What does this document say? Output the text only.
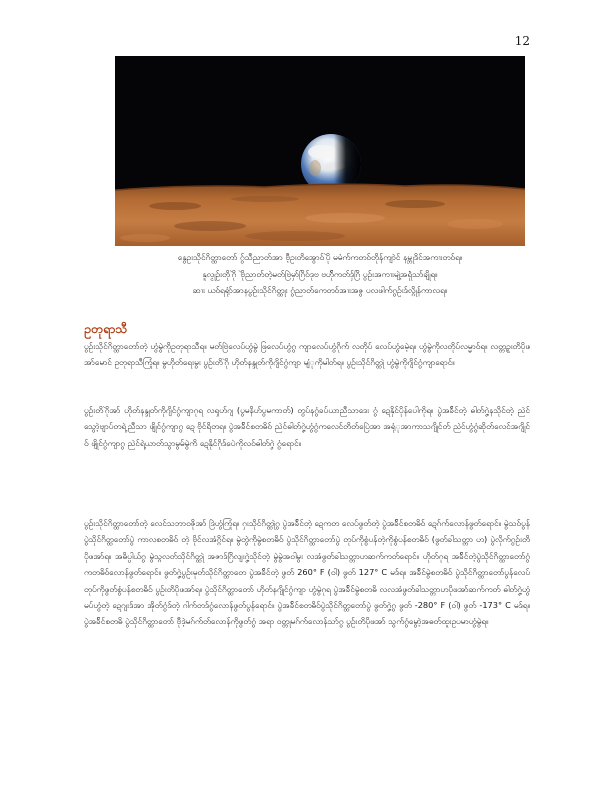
12

နွေဥးသိုင်ဂိတ္ထာတော် ဂွ်သီညာတ်အာ ဗီ့ဥးတိအွောဝ်ပိုဲ မမံက်ကတဝ်တိုန်ကျာဲင် နမ္ဘုဒိင်အကၢးတဝ်ရ။

နူလၟုဥ်းတိုဂိုဲ ဗိုဲညာတ်တဲ့မတ်ဗြဲမှာ်ဂြိဝ်ဒုဗ ဗဟ်ိုကတ်ဒ်ှဂြိ ပွဥ်းအကၢးမျဲ့အရုံဲသာ်ချိုရ။

ဆၢး ယဝ်ရရုံာ်အာနပွဥ်းသိုင်ဂိတ္ထုး ဂွံညာတ်ကေတဝ်အၢးအဇွ ပလဖါက်ဂွဥ်းဒ်လ္ဂိုန်ကာလရ။

ဥတုရာသီ

ပွဥ်းသိုင်ဂိတ္ထာတော်တဲ့ ဟွံမွဲကိုဥတုရာသီရ။ မတ်ဗြဲလေပ်ဟွံမွဲ ဖြလေပ်ဟွံဂွ ကျာလေပ်ဟွံဂိုက် လတိုပ် လေပ်ဟွံမေဲ့ရ။ ဟွံမွဲကိုလတိုပ်လမ္မာဝ်ရ။ လတ္တဥ္ဂးတိပိုဖအာ်မောင် ဥတုရာသီကြုံရ။ မွဟိုတ်ရေးမွး ပွဥ်းတိဂိုဲ ဟိုတ်နန္ဒုတ်ကိုဂျိင်ဂွံကျာ မျံုကိုမါတ်ရ။ ပွဥ်းသိုင်ဂိတ္ထုဲ ဟွံမွဲကိုဂျိင်ဂွံကျာရောင်။

ပွဥ်းတိဂိုဲအာ် ဟိုတ်နန္ဒုတ်ကိုဂျိင်ဂွံကျာဂုရ လၡဟ်ဂျ (ပွမနိဟ်ပွမကာတ်) တွပ်နဂွံခပ်ယာညီသာဒေး ဂွံ ဍေနိုင်ပိုန်ပေါကိုရ။ ပွဲအခ်ိင်တဲ့ ဓါတ်ဂၞဲ့နသိုင်တဲ့ ညဲင်သွောဲ့ဗျာပ်တရဲ့ညီသာ ဖျိုင်ဂွံကျာဂွ ဍေ ဗိုင်ရိတရ။ ပွဲအခ်ိင်စတဓိဝ် ညဲင်ဓါတ်ဂၞဲ့ဟွံဂွံကလေင်တိတ်ပြေဲအာ အရုံုအာကာသဂျိုင်တ် ညဲင်ဟွံဂွံဆိုတ်လေင်အဂျိုင်ဝ် ဖျိုင်ဂွံကျာဂွ ညဲင်ရဲ့ယာတ်သွာမွမ်မွဲကိ ဍေနိုင်ဂိုဒ်ပေဲကိုလဝ်ဓါတ်ဂၞဲ ဂွံရောင်။

ပွဥ်းသိုင်ဂိတ္ထာတော်တဲ့ လေင်သဘာဝဇိုအာ် ဒြဲဟွံကြုံရ။ ဂှးသိုင်ဂိတ္ထုဲဂွ ပွဲအခ်ိင်တဲ့ ဍေကတ လေပ်ဖွတ်တဲ့ ပွဲအခ်ိင်စတဓိဝ် ဍေဂ်က်လောန်ဖွတ်ရောင်။ မွဲသဝ်ပွန် ပွဲသိုင်ဂိတ္ထတော်ပွဲ ကာလစတဓိဝ် တဲ့ ဗိုင်လအံဂ္ဂိင်ရ။ မွဲတွဲကိုမွဲစတဓိဝ် ပွဲသိုင်ဂိတ္ထာတော်ပွဲ တုပ်ကိုစွံပန်တဲ့ကိုစွံပန်စတဓိဝ် (ဖွတ်ခါသတ္တာ ဟ) ပွဲလိုက်ဂွဥ်းတိပိုဖအာ်ရ။ အဓိပ္ပါယ်ဂွ မွဲသ္ဂလတ်သိုင်ဂိတ္ထုဲ အဇာဒ်ဂြိလျးဂၞဲ့သိုင်တဲ့ မွဲမွဲအဝါမွး လအံဖွတ်ခါသတ္တာဟဆက်ကတ်ရောင်။ ဟိုတ်ဂုရ အခ်ိင်တဲ့ပွဲသိုင်ဂိတ္ထာတော်ဂွံ ကတဓိဝ်လောန်ဖွတ်ရောင်။ ဖွတ်ဂၞဲ့ပွဥ်းမုတ်သိုင်ဂိတ္ထာတေ ပွဲအခ်ိင်တဲ့ ဖွတ် 260° F (ဝါ) ဖွတ် 127° C မဒ်ရ။ အခ်ိင်မွဲစတဓိဝ် ပွဲသိုင်ဂိတ္ထာတော်ပွန်လေပ် တုပ်ကိုဖွတ်စွံပန်စတဓိဝ် ပွဥ်းတိပိုဖအာ်ရ။ ပွဲသိုင်ဂိတ္ထာတော် ဟိုတ်နဂျိုင်ဂွံကျာ ဟွံမွဲဂုရ ပွဲအခ်ိင်မွဲစတဓိ လလအံဖွတ်ခါသတ္တာဟပိုဖအာ်ဆက်ကတ် ဓါတ်ဂၞဲ့ဟွံမပ်ဟွံတဲ့ ဍေဂျးဒ်အာ အိုတ်ဂွံဒ်တဲ့ ဂါက်တဒ်ဂွံလောန်ဖွတ်ပွန်ရောင်။ ပွဲအခ်ိင်စတဓိဝ်ပွဲသိုင်ဂိတ္ထတော်ပွဲ ဖွတ်ဂၞဲ့ဂွ ဖွတ် -280° F (ဝါ) ဖွတ် -173° C မဒ်ရ။ ပွဲအခ်ိင်စတဓိ ပွဲသိုင်ဂိတ္ထာတော် ဗီုဒဲ့မဂ်က်တ်လောန်ကိုဖွတ်ဂွံ အရာ ဝတ္တုမဂ်က်လောန်သာ်ဂွ ပွဥ်းတိပိုဖအာ် သွက်ဂွံမွောဲ့အဓတ်ထူးဥပမာဟွံမွဲရ။
